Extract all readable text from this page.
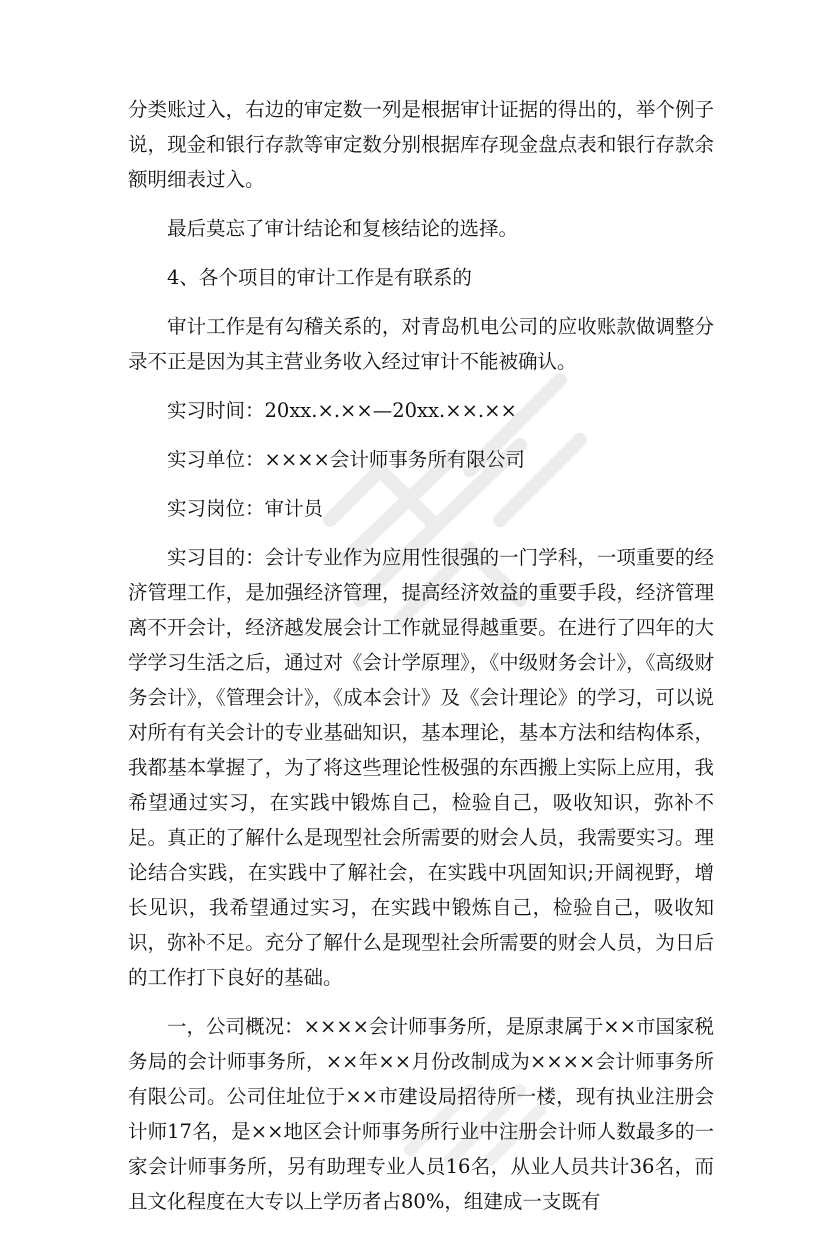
分类账过入，右边的审定数一列是根据审计证据的得出的，举个例子说，现金和银行存款等审定数分别根据库存现金盘点表和银行存款余额明细表过入。

最后莫忘了审计结论和复核结论的选择。

4、各个项目的审计工作是有联系的

审计工作是有勾稽关系的，对青岛机电公司的应收账款做调整分录不正是因为其主营业务收入经过审计不能被确认。

实习时间：20xx.×.××—20xx.××.××

实习单位：××××会计师事务所有限公司

实习岗位：审计员

实习目的：会计专业作为应用性很强的一门学科，一项重要的经济管理工作，是加强经济管理，提高经济效益的重要手段，经济管理离不开会计，经济越发展会计工作就显得越重要。在进行了四年的大学学习生活之后，通过对《会计学原理》，《中级财务会计》，《高级财务会计》，《管理会计》，《成本会计》及《会计理论》的学习，可以说对所有有关会计的专业基础知识，基本理论，基本方法和结构体系，我都基本掌握了，为了将这些理论性极强的东西搬上实际上应用，我希望通过实习，在实践中锻炼自己，检验自己，吸收知识，弥补不足。真正的了解什么是现型社会所需要的财会人员，我需要实习。理论结合实践，在实践中了解社会，在实践中巩固知识;开阔视野，增长见识，我希望通过实习，在实践中锻炼自己，检验自己，吸收知识，弥补不足。充分了解什么是现型社会所需要的财会人员，为日后的工作打下良好的基础。

一，公司概况：××××会计师事务所，是原隶属于××市国家税务局的会计师事务所，××年××月份改制成为××××会计师事务所有限公司。公司住址位于××市建设局招待所一楼，现有执业注册会计师17名，是××地区会计师事务所行业中注册会计师人数最多的一家会计师事务所，另有助理专业人员16名，从业人员共计36名，而且文化程度在大专以上学历者占80%，组建成一支既有
